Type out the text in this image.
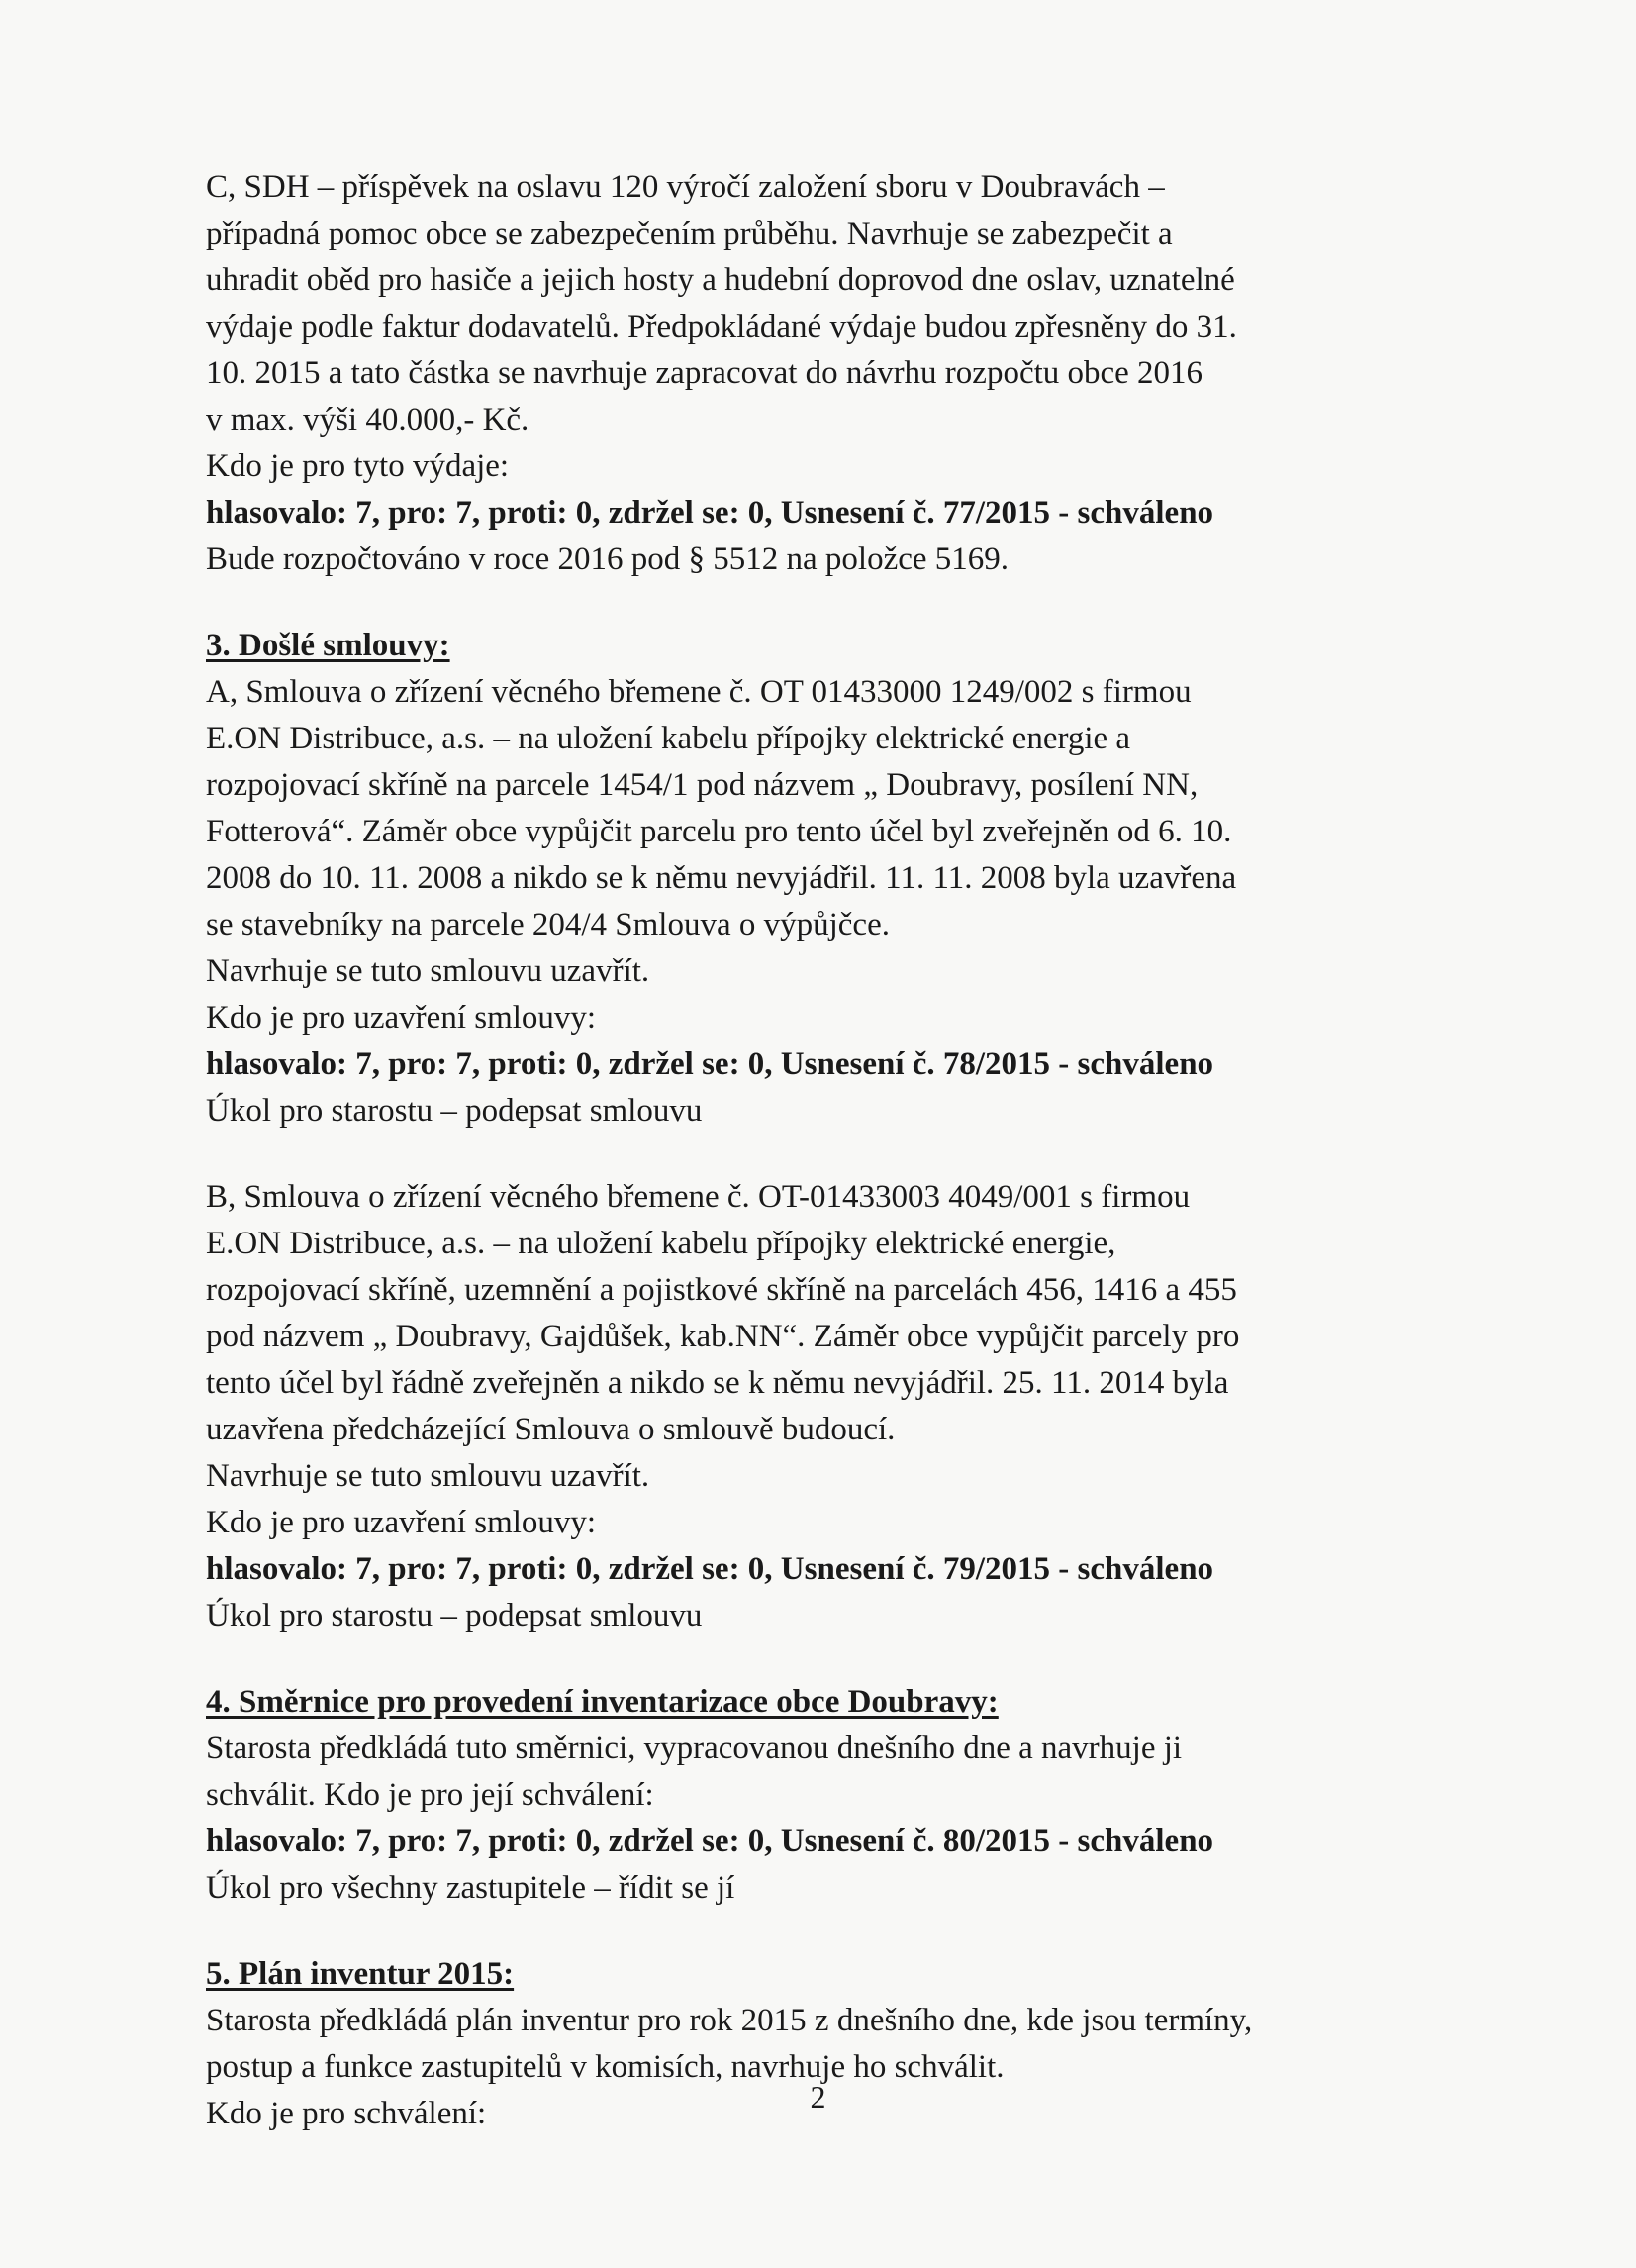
C, SDH – příspěvek na oslavu 120 výročí založení sboru v Doubravách –
případná pomoc obce se zabezpečením průběhu. Navrhuje se zabezpečit a
uhradit oběd pro hasiče a jejich hosty a hudební doprovod dne oslav, uznatelné
výdaje podle faktur dodavatelů. Předpokládané výdaje budou zpřesněny do 31.
10. 2015 a tato částka se navrhuje zapracovat do návrhu rozpočtu obce 2016
v max. výši 40.000,- Kč.
Kdo je pro tyto výdaje:
hlasovalo: 7, pro: 7, proti: 0, zdržel se: 0, Usnesení č. 77/2015 - schváleno
Bude rozpočtováno v roce 2016 pod § 5512 na položce 5169.
3. Došlé smlouvy:
A, Smlouva o zřízení věcného břemene č. OT 01433000 1249/002 s firmou
E.ON Distribuce, a.s. – na uložení kabelu přípojky elektrické energie a
rozpojovací skříně na parcele 1454/1 pod názvem „ Doubravy, posílení NN,
Fotterová“. Záměr obce vypůjčit parcelu pro tento účel byl zveřejněn od 6. 10.
2008 do 10. 11. 2008 a nikdo se k němu nevyjádřil. 11. 11. 2008 byla uzavřena
se stavebníky na parcele 204/4 Smlouva o výpůjčce.
Navrhuje se tuto smlouvu uzavřít.
Kdo je pro uzavření smlouvy:
hlasovalo: 7, pro: 7, proti: 0, zdržel se: 0, Usnesení č. 78/2015 - schváleno
Úkol pro starostu – podepsat smlouvu
B, Smlouva o zřízení věcného břemene č. OT-01433003 4049/001 s firmou
E.ON Distribuce, a.s. – na uložení kabelu přípojky elektrické energie,
rozpojovací skříně, uzemnění a pojistkové skříně na parcelách 456, 1416 a 455
pod názvem „ Doubravy, Gajdůšek, kab.NN“. Záměr obce vypůjčit parcely pro
tento účel byl řádně zveřejněn a nikdo se k němu nevyjádřil. 25. 11. 2014 byla
uzavřena předcházející Smlouva o smlouvě budoucí.
Navrhuje se tuto smlouvu uzavřít.
Kdo je pro uzavření smlouvy:
hlasovalo: 7, pro: 7, proti: 0, zdržel se: 0, Usnesení č. 79/2015 - schváleno
Úkol pro starostu – podepsat smlouvu
4. Směrnice pro provedení inventarizace obce Doubravy:
Starosta předkládá tuto směrnici, vypracovanou dnešního dne a navrhuje ji
schválit. Kdo je pro její schválení:
hlasovalo: 7, pro: 7, proti: 0, zdržel se: 0, Usnesení č. 80/2015 - schváleno
Úkol pro všechny zastupitele – řídit se jí
5. Plán inventur 2015:
Starosta předkládá plán inventur pro rok 2015 z dnešního dne, kde jsou termíny,
postup a funkce zastupitelů v komisích, navrhuje ho schválit.
Kdo je pro schválení:	2
